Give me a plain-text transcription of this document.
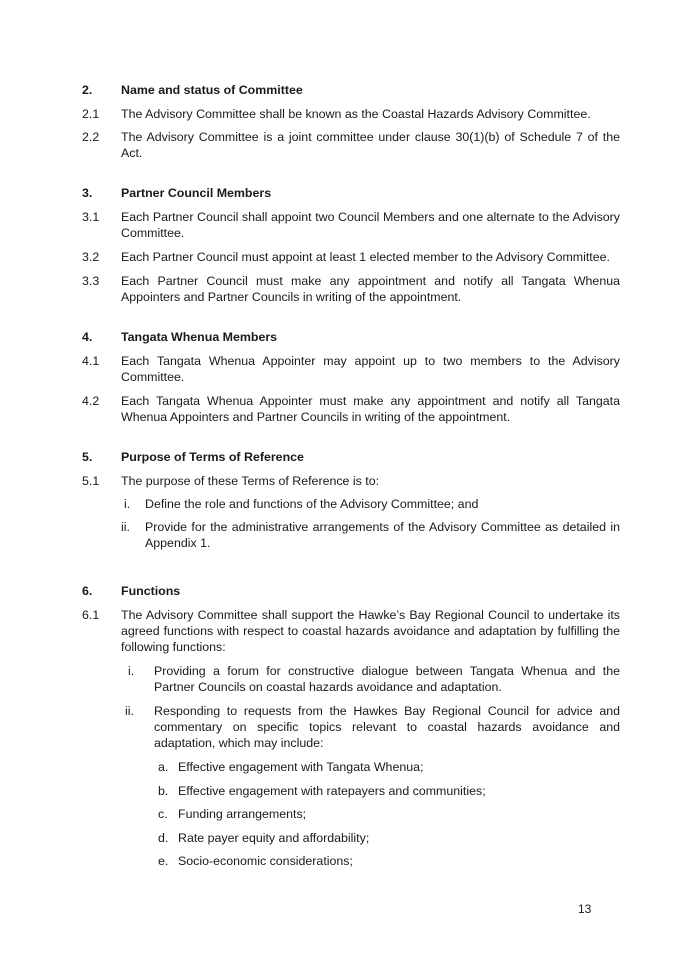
2. Name and status of Committee
2.1 The Advisory Committee shall be known as the Coastal Hazards Advisory Committee.
2.2 The Advisory Committee is a joint committee under clause 30(1)(b) of Schedule 7 of the Act.
3. Partner Council Members
3.1 Each Partner Council shall appoint two Council Members and one alternate to the Advisory Committee.
3.2 Each Partner Council must appoint at least 1 elected member to the Advisory Committee.
3.3 Each Partner Council must make any appointment and notify all Tangata Whenua Appointers and Partner Councils in writing of the appointment.
4. Tangata Whenua Members
4.1 Each Tangata Whenua Appointer may appoint up to two members to the Advisory Committee.
4.2 Each Tangata Whenua Appointer must make any appointment and notify all Tangata Whenua Appointers and Partner Councils in writing of the appointment.
5. Purpose of Terms of Reference
5.1 The purpose of these Terms of Reference is to:
i. Define the role and functions of the Advisory Committee; and
ii. Provide for the administrative arrangements of the Advisory Committee as detailed in Appendix 1.
6. Functions
6.1 The Advisory Committee shall support the Hawke’s Bay Regional Council to undertake its agreed functions with respect to coastal hazards avoidance and adaptation by fulfilling the following functions:
i. Providing a forum for constructive dialogue between Tangata Whenua and the Partner Councils on coastal hazards avoidance and adaptation.
ii. Responding to requests from the Hawkes Bay Regional Council for advice and commentary on specific topics relevant to coastal hazards avoidance and adaptation, which may include:
a. Effective engagement with Tangata Whenua;
b. Effective engagement with ratepayers and communities;
c. Funding arrangements;
d. Rate payer equity and affordability;
e. Socio-economic considerations;
13
